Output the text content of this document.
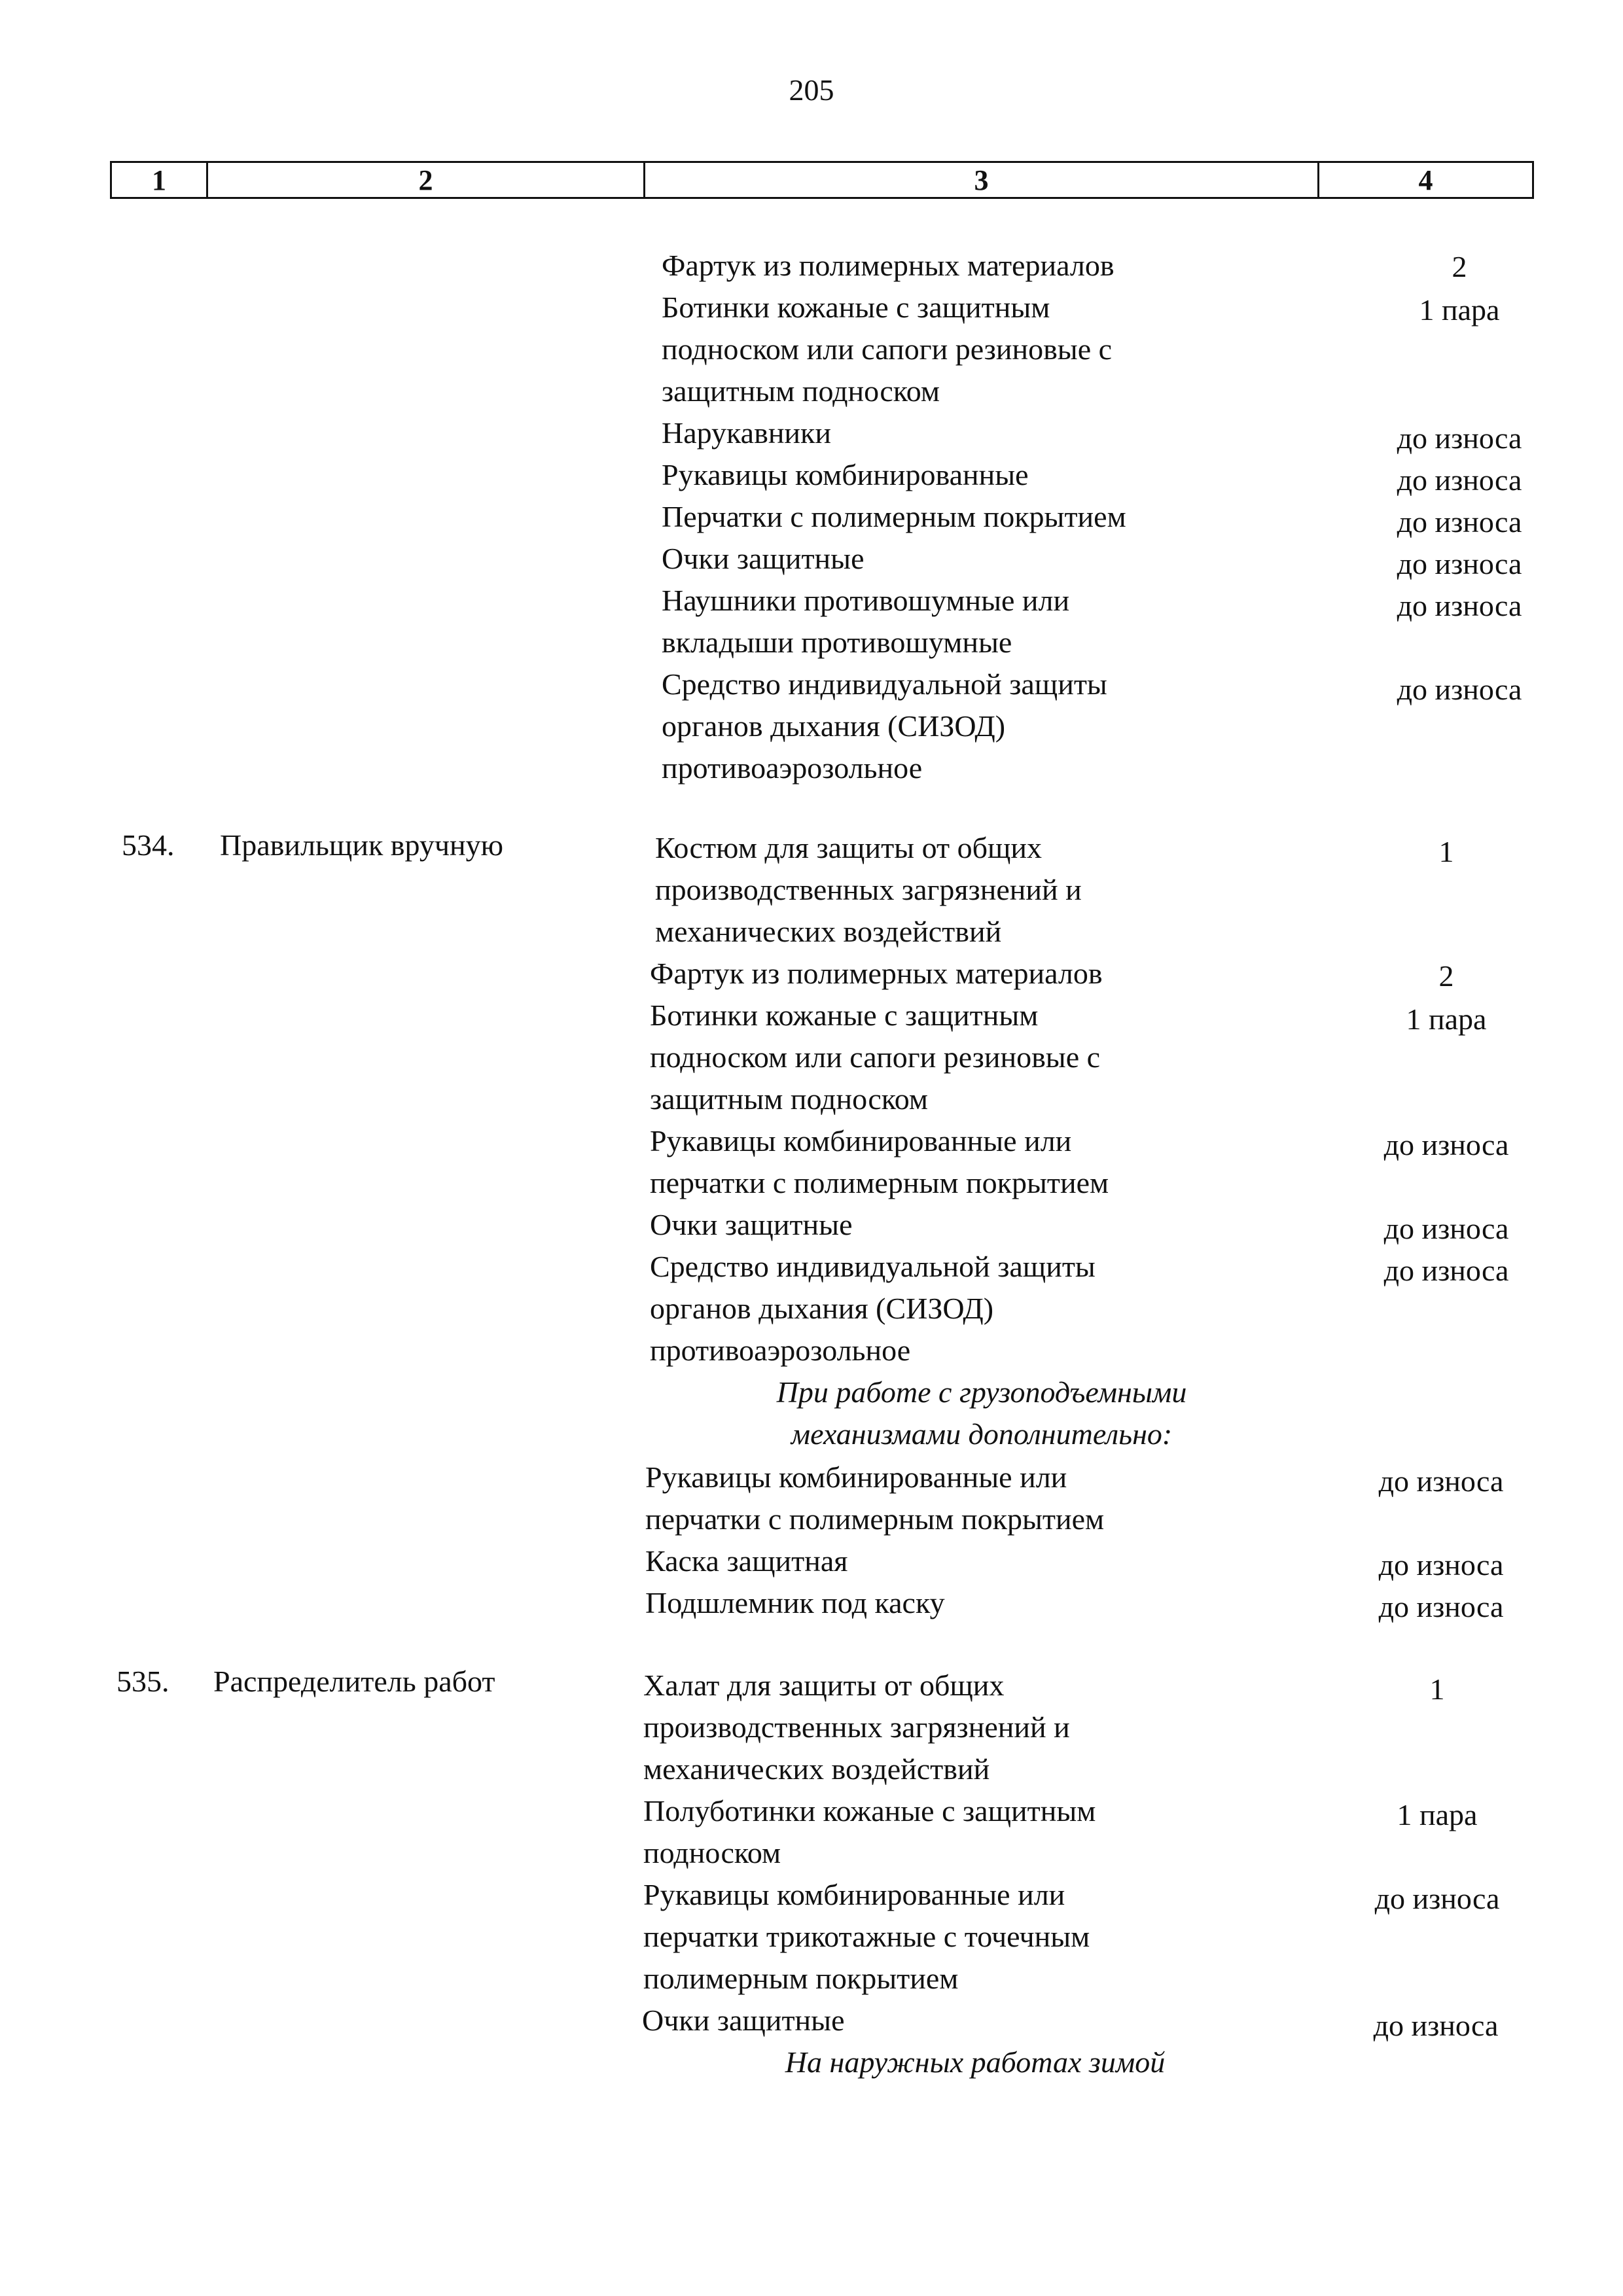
205
1	2	3	4
Фартук из полимерных материалов	2
Ботинки кожаные с защитным
подноском или сапоги резиновые с
защитным подноском
1 пара
Нарукавники	до износа
Рукавицы комбинированные	до износа
Перчатки с полимерным покрытием	до износа
Очки защитные	до износа
Наушники противошумные или
вкладыши противошумные
до износа
Средство индивидуальной защиты
органов дыхания (СИЗОД)
противоаэрозольное
до износа
534. Правильщик вручную	Костюм для защиты от общих
производственных загрязнений и
механических воздействий
1
Фартук из полимерных материалов	2
Ботинки кожаные с защитным
подноском или сапоги резиновые с
защитным подноском
1 пара
Рукавицы комбинированные или
перчатки с полимерным покрытием
до износа
Очки защитные	до износа
Средство индивидуальной защиты
органов дыхания (СИЗОД)
противоаэрозольное
до износа
При работе с грузоподъемными
механизмами дополнительно:
Рукавицы комбинированные или
перчатки с полимерным покрытием
до износа
Каска защитная	до износа
Подшлемник под каску	до износа
535. Распределитель работ	Халат для защиты от общих
производственных загрязнений и
механических воздействий
1
Полуботинки кожаные с защитным
подноском
1 пара
Рукавицы комбинированные или
перчатки трикотажные с точечным
полимерным покрытием
до износа
Очки защитные	до износа
На наружных работах зимой
